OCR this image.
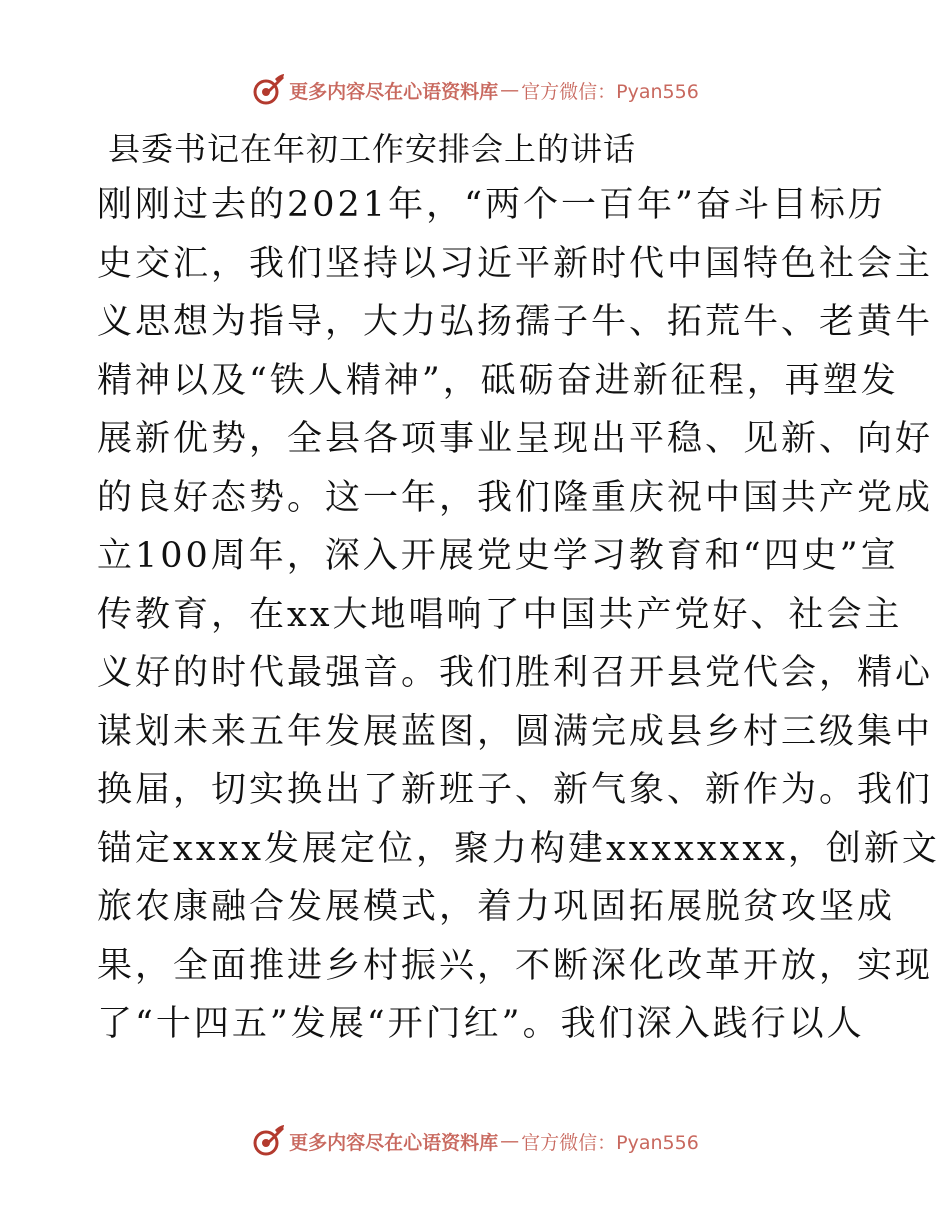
更多内容尽在心语资料库 — 官方微信：Pyan556
县委书记在年初工作安排会上的讲话
刚刚过去的2021年，“两个一百年”奋斗目标历
史交汇，我们坚持以习近平新时代中国特色社会主
义思想为指导，大力弘扬孺子牛、拓荒牛、老黄牛
精神以及“铁人精神”，砥砺奋进新征程，再塑发
展新优势，全县各项事业呈现出平稳、见新、向好
的良好态势。这一年，我们隆重庆祝中国共产党成
立100周年，深入开展党史学习教育和“四史”宣
传教育，在xx大地唱响了中国共产党好、社会主
义好的时代最强音。我们胜利召开县党代会，精心
谋划未来五年发展蓝图，圆满完成县乡村三级集中
换届，切实换出了新班子、新气象、新作为。我们
锚定xxxx发展定位，聚力构建xxxxxxxx，创新文
旅农康融合发展模式，着力巩固拓展脱贫攻坚成
果，全面推进乡村振兴，不断深化改革开放，实现
了“十四五”发展“开门红”。我们深入践行以人
更多内容尽在心语资料库 — 官方微信：Pyan556
